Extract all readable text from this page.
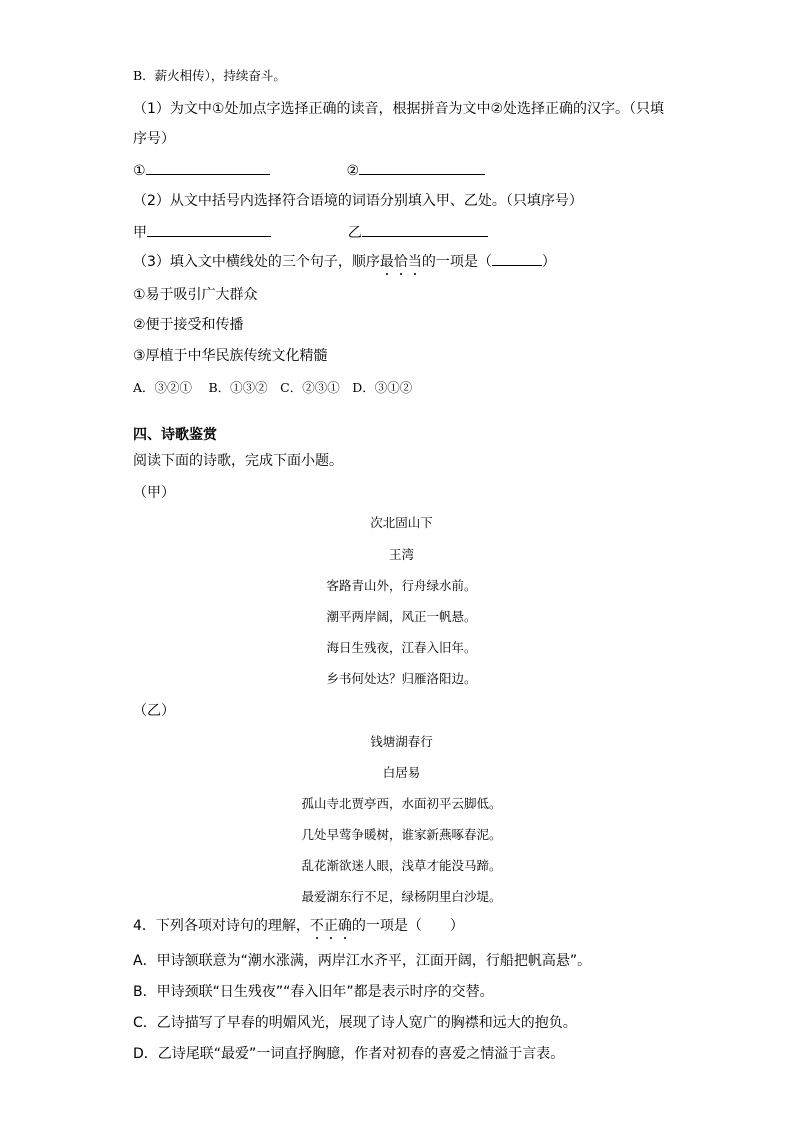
B．薪火相传），持续奋斗。
（1）为文中①处加点字选择正确的读音，根据拼音为文中②处选择正确的汉字。（只填
序号）
①	②
（2）从文中括号内选择符合语境的词语分别填入甲、乙处。（只填序号）
甲	乙
（3）填入文中横线处的三个句子，顺序最恰当的一项是（	）
①易于吸引广大群众
②便于接受和传播
③厚植于中华民族传统文化精髓
A．③②①　 B．①③②　C．②③①　D．③①②
四、诗歌鉴赏
阅读下面的诗歌，完成下面小题。
（甲）
次北固山下
王湾
客路青山外，行舟绿水前。
潮平两岸阔，风正一帆悬。
海日生残夜，江春入旧年。
乡书何处达？归雁洛阳边。
（乙）
钱塘湖春行
白居易
孤山寺北贾亭西，水面初平云脚低。
几处早莺争暖树，谁家新燕啄春泥。
乱花渐欲迷人眼，浅草才能没马蹄。
最爱湖东行不足，绿杨阴里白沙堤。
4．下列各项对诗句的理解，不正确的一项是（　　）
A．甲诗颔联意为“潮水涨满，两岸江水齐平，江面开阔，行船把帆高悬”。
B．甲诗颈联“日生残夜”“春入旧年”都是表示时序的交替。
C．乙诗描写了早春的明媚风光，展现了诗人宽广的胸襟和远大的抱负。
D．乙诗尾联“最爱”一词直抒胸臆，作者对初春的喜爱之情溢于言表。
